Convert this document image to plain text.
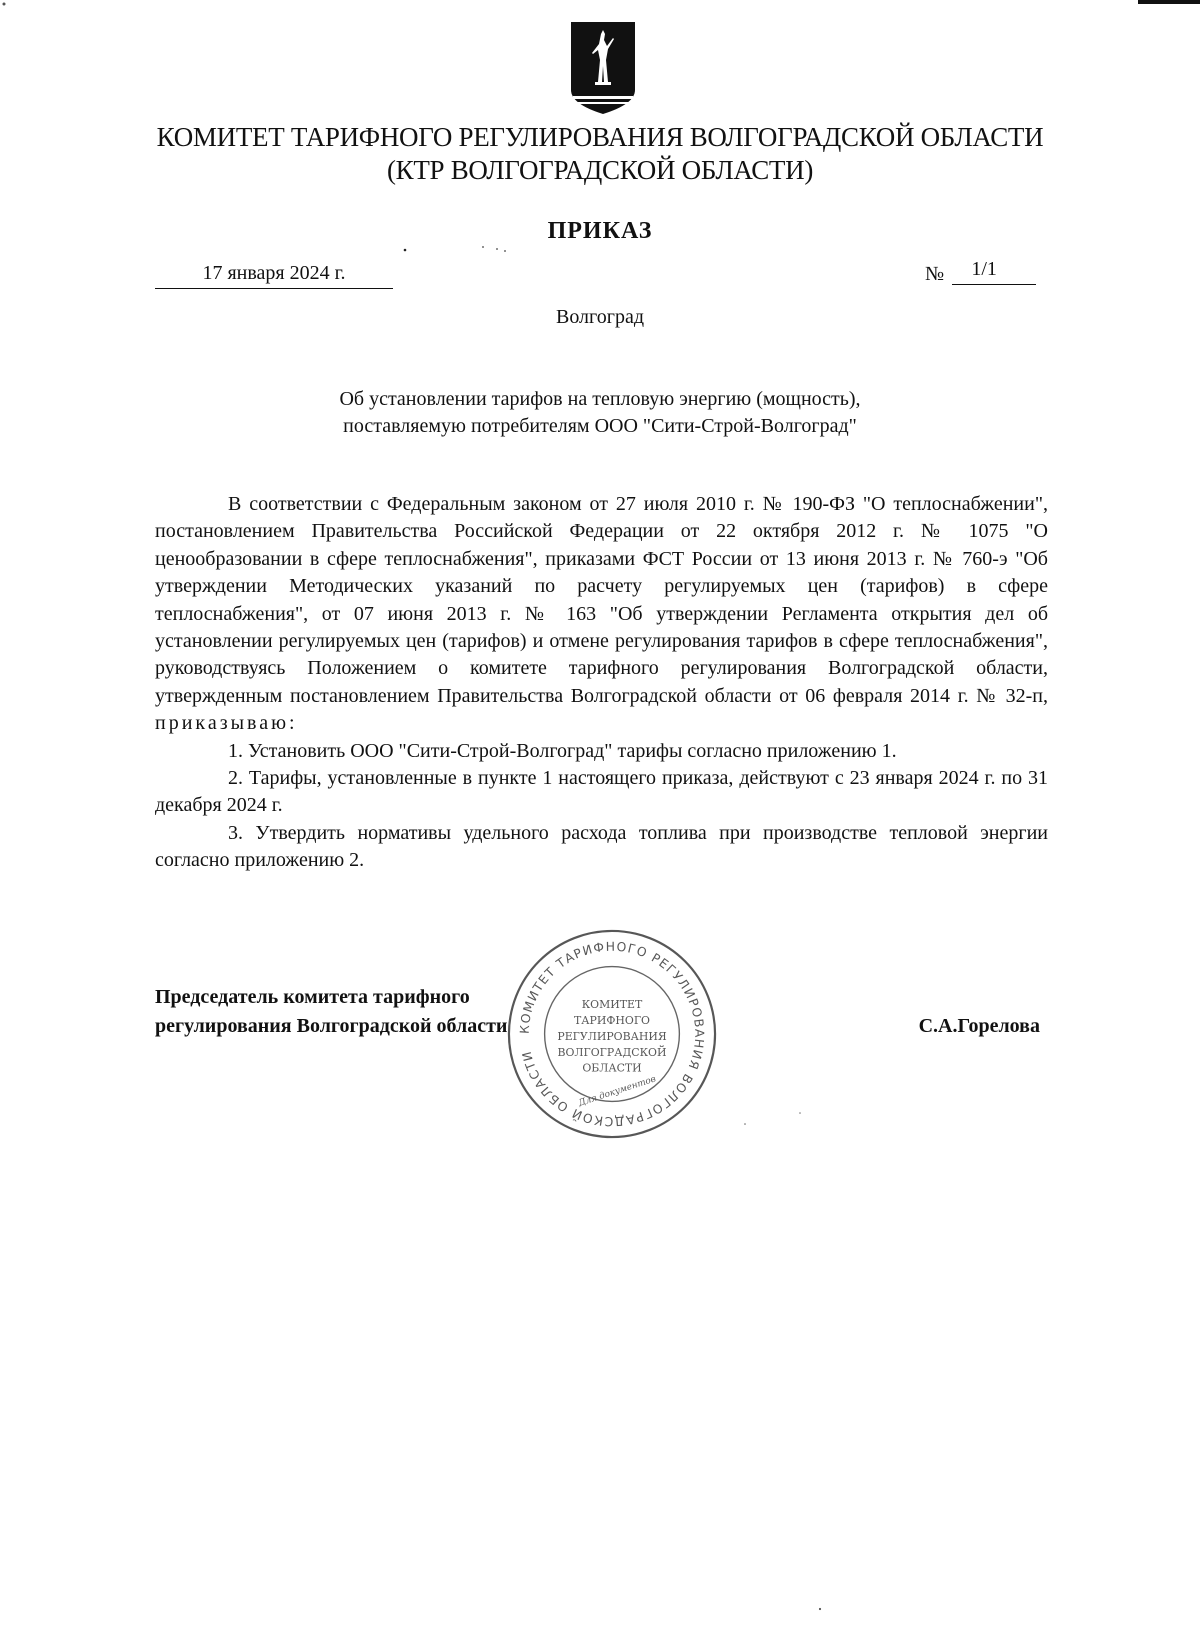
КОМИТЕТ ТАРИФНОГО РЕГУЛИРОВАНИЯ ВОЛГОГРАДСКОЙ ОБЛАСТИ
(КТР ВОЛГОГРАДСКОЙ ОБЛАСТИ)
ПРИКАЗ
17 января 2024 г.	№	1/1
Волгоград
Об установлении тарифов на тепловую энергию (мощность),
поставляемую потребителям ООО "Сити-Строй-Волгоград"

В соответствии с Федеральным законом от 27 июля 2010 г. № 190-ФЗ "О теплоснабжении", постановлением Правительства Российской Федерации от 22 октября 2012 г. № 1075 "О ценообразовании в сфере теплоснабжения", приказами ФСТ России от 13 июня 2013 г. № 760-э "Об утверждении Методических указаний по расчету регулируемых цен (тарифов) в сфере теплоснабжения", от 07 июня 2013 г. № 163 "Об утверждении Регламента открытия дел об установлении регулируемых цен (тарифов) и отмене регулирования тарифов в сфере теплоснабжения", руководствуясь Положением о комитете тарифного регулирования Волгоградской области, утвержденным постановлением Правительства Волгоградской области от 06 февраля 2014 г. № 32-п, приказываю:

1. Установить ООО "Сити-Строй-Волгоград" тарифы согласно приложению 1.

2. Тарифы, установленные в пункте 1 настоящего приказа, действуют с 23 января 2024 г. по 31 декабря 2024 г.

3. Утвердить нормативы удельного расхода топлива при производстве тепловой энергии согласно приложению 2.

Председатель комитета тарифного
регулирования Волгоградской области	С.А.Горелова
КОМИТЕТ ТАРИФНОГО РЕГУЛИРОВАНИЯ ВОЛГОГРАДСКОЙ ОБЛАСТИ
КОМИТЕТ
ТАРИФНОГО
РЕГУЛИРОВАНИЯ
ВОЛГОГРАДСКОЙ
ОБЛАСТИ
Для документов
